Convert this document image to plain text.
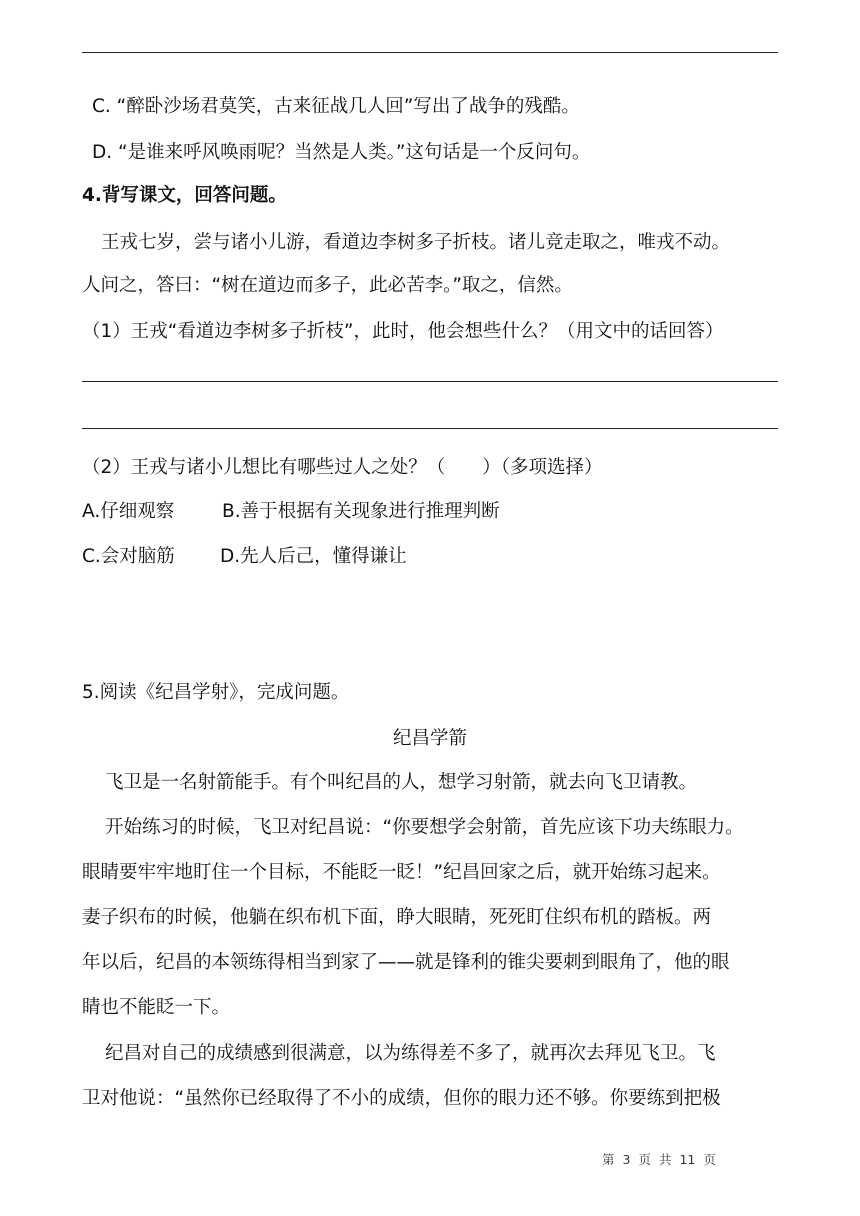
C. “醉卧沙场君莫笑，古来征战几人回”写出了战争的残酷。
D. “是谁来呼风唤雨呢？当然是人类。”这句话是一个反问句。
4.背写课文，回答问题。
王戎七岁，尝与诸小儿游，看道边李树多子折枝。诸儿竞走取之，唯戎不动。
人问之，答曰：“树在道边而多子，此必苦李。”取之，信然。
（1）王戎“看道边李树多子折枝”，此时，他会想些什么？（用文中的话回答）
（2）王戎与诸小儿想比有哪些过人之处？（　　）（多项选择）
A.仔细观察	B.善于根据有关现象进行推理判断
C.会对脑筋	D.先人后己，懂得谦让
5.阅读《纪昌学射》，完成问题。
纪昌学箭
飞卫是一名射箭能手。有个叫纪昌的人，想学习射箭，就去向飞卫请教。
开始练习的时候，飞卫对纪昌说：“你要想学会射箭，首先应该下功夫练眼力。
眼睛要牢牢地盯住一个目标，不能眨一眨！”纪昌回家之后，就开始练习起来。
妻子织布的时候，他躺在织布机下面，睁大眼睛，死死盯住织布机的踏板。两
年以后，纪昌的本领练得相当到家了——就是锋利的锥尖要刺到眼角了，他的眼
睛也不能眨一下。
纪昌对自己的成绩感到很满意，以为练得差不多了，就再次去拜见飞卫。飞
卫对他说：“虽然你已经取得了不小的成绩，但你的眼力还不够。你要练到把极
第 3 页 共 11 页
